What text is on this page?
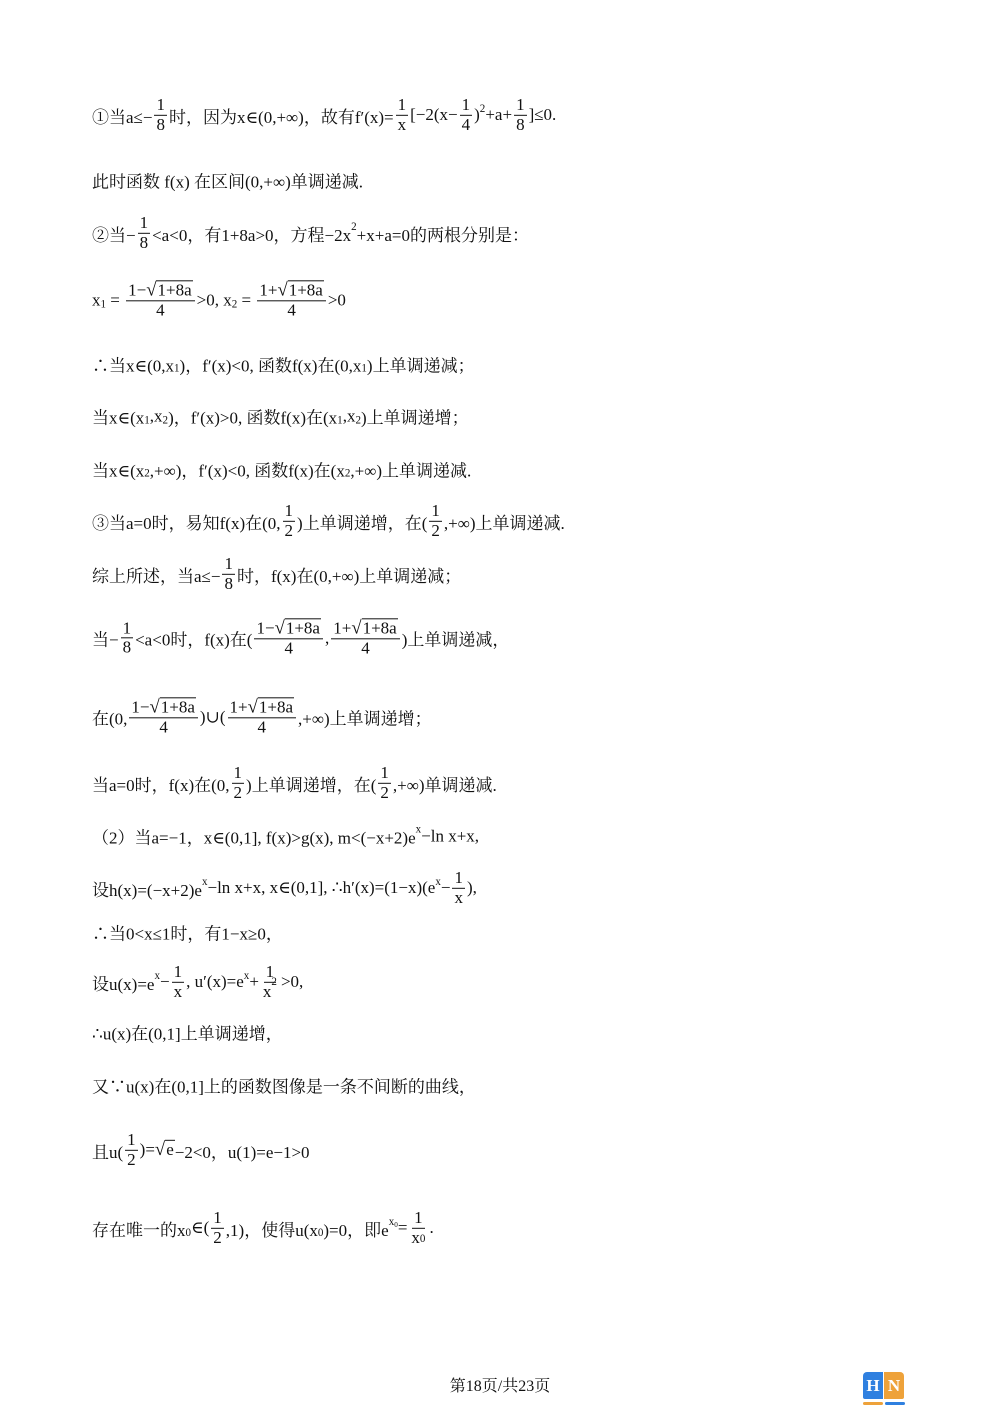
①当$a\le- \frac{1}{8}$ 时，因为x∈(0,+∞)，故有$f'(x)= \frac{1}{x} [-2(x- \frac{1}{4}$ ) $2 +a+ \frac{1}{8} ]\le 0$.
此时函数 f(x) 在区间(0,+∞)单调递减.
②当− $\frac{1}{8} <a<0$，有1+8a>0，方程−2x 2 +x+a=0的两根分别是：
x $1 = \frac{1- √ 1+8a}{4} >0$, x $2 = \frac{1+ √ 1+8a}{4} >0$
∴当x∈(0,x 1 )，f′(x)<0, 函数f(x)在(0,x 1 )上单调递减；
当x∈(x 1 ,x 2 )，f′(x)>0, 函数f(x)在(x 1 ,x 2 )上单调递增；
当x∈(x 2 ,+∞)，f′(x)<0, 函数f(x)在(x 2 ,+∞)上单调递减.
③当a=0时，易知f(x)在(0, $\frac{1}{2}$ )上单调递增，在( $\frac{1}{2}$ ,+∞)上单调递减.
综上所述，当$a\le- \frac{1}{8}$ 时，f(x)在(0,+∞)上单调递减；
当− $\frac{1}{8} <a<0$时，f(x)在( $\frac{1- √ 1+8a}{4}$ , $\frac{1+ √ 1+8a}{4}$ )上单调递减，
在(0, $\frac{1- √ 1+8a}{4}$ )∪( $\frac{1+ √ 1+8a}{4}$ ,+∞)上单调递增；
当a=0时，f(x)在(0, $\frac{1}{2}$ )上单调递增，在( $\frac{1}{2}$ ,+∞)单调递减.
（2）当a=−1，x∈(0,1], f(x)>g(x), m<(−x+2)e x −ln x+x,
设h(x)=(−x+2)e x −ln x+x, x∈(0,1], ∴h′(x)=(1−x)(e $x - \frac{1}{x}$ ),
∴当0<x≤1时，有1−x≥0，
设u(x)=e $x - \frac{1}{x}$ , u′(x)=e $x + \frac{1}{x 2} >0$,
∴u(x)在(0,1]上单调递增，
又∵u(x)在(0,1]上的函数图像是一条不间断的曲线，
且$u( \frac{1}{2}$ )= √ e −2<0，u(1)=e−1>0
存在唯一的x 0 ∈( $\frac{1}{2} ,1$)，使得u(x 0 )=0，即e $x_0 = \frac{1}{x 0}$ .
第18页/共23页	H N
